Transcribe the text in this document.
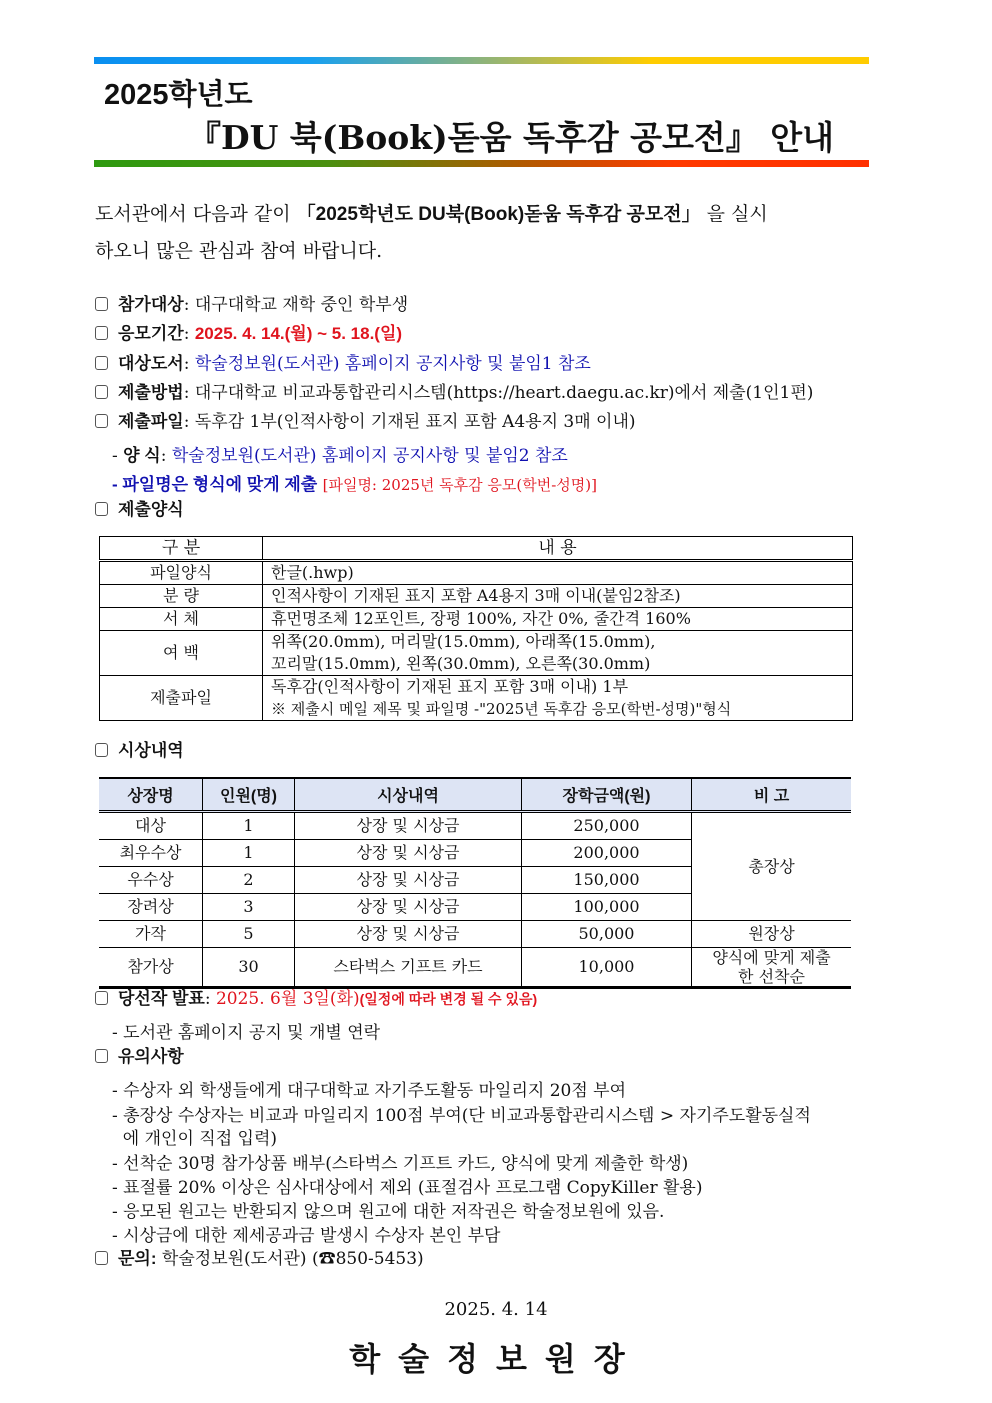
2025학년도
『DU 북(Book)돋움 독후감 공모전』 안내
도서관에서 다음과 같이 「2025학년도 DU북(Book)돋움 독후감 공모전」 을 실시
하오니 많은 관심과 참여 바랍니다.
참가대상: 대구대학교 재학 중인 학부생
응모기간: 2025. 4. 14.(월) ~ 5. 18.(일)
대상도서: 학술정보원(도서관) 홈페이지 공지사항 및 붙임1 참조
제출방법: 대구대학교 비교과통합관리시스템(https://heart.daegu.ac.kr)에서 제출(1인1편)
제출파일: 독후감 1부(인적사항이 기재된 표지 포함 A4용지 3매 이내)
- 양 식: 학술정보원(도서관) 홈페이지 공지사항 및 붙임2 참조
- 파일명은 형식에 맞게 제출 [파일명: 2025년 독후감 응모(학번-성명)]
제출양식
구 분	내 용
파일양식	한글(.hwp)
분 량	인적사항이 기재된 표지 포함 A4용지 3매 이내(붙임2참조)
서 체	휴먼명조체 12포인트, 장평 100%, 자간 0%, 줄간격 160%
여 백	위쪽(20.0mm), 머리말(15.0mm), 아래쪽(15.0mm),
꼬리말(15.0mm), 왼쪽(30.0mm), 오른쪽(30.0mm)

제출파일	독후감(인적사항이 기재된 표지 포함 3매 이내) 1부
※ 제출시 메일 제목 및 파일명 -"2025년 독후감 응모(학번-성명)"형식
시상내역
상장명	인원(명)	시상내역	장학금액(원)	비 고
대상	1	상장 및 시상금	250,000	총장상
최우수상	1	상장 및 시상금	200,000	
우수상	2	상장 및 시상금	150,000	
장려상	3	상장 및 시상금	100,000	
가작	5	상장 및 시상금	50,000	원장상
참가상	30	스타벅스 기프트 카드	10,000	양식에 맞게 제출한 선착순
당선작 발표: 2025. 6월 3일(화)(일정에 따라 변경 될 수 있음)
- 도서관 홈페이지 공지 및 개별 연락
유의사항
- 수상자 외 학생들에게 대구대학교 자기주도활동 마일리지 20점 부여
- 총장상 수상자는 비교과 마일리지 100점 부여(단 비교과통합관리시스템 > 자기주도활동실적
에 개인이 직접 입력)
- 선착순 30명 참가상품 배부(스타벅스 기프트 카드, 양식에 맞게 제출한 학생)
- 표절률 20% 이상은 심사대상에서 제외 (표절검사 프로그램 CopyKiller 활용)
- 응모된 원고는 반환되지 않으며 원고에 대한 저작권은 학술정보원에 있음.
- 시상금에 대한 제세공과금 발생시 수상자 본인 부담
문의: 학술정보원(도서관) (☎850-5453)
2025. 4. 14
학술정보원장
